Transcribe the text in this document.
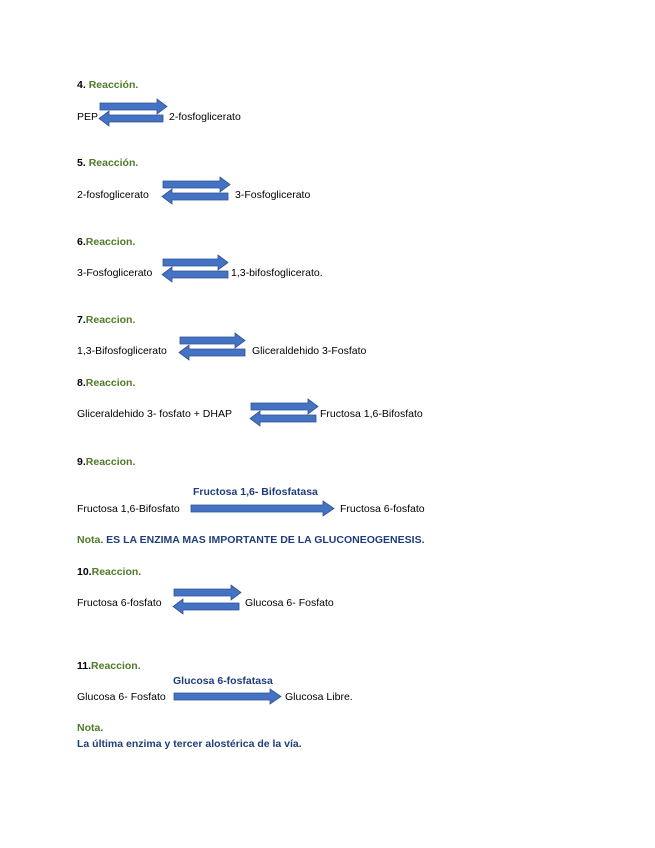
4. Reacción.
PEP	2-fosfoglicerato
5. Reacción.
2-fosfoglicerato	3-Fosfoglicerato
6.Reaccion.
3-Fosfoglicerato	1,3-bifosfoglicerato.
7.Reaccion.
1,3-Bifosfoglicerato	Gliceraldehido 3-Fosfato
8.Reaccion.
Gliceraldehido 3- fosfato + DHAP	Fructosa 1,6-Bifosfato
9.Reaccion.
Fructosa 1,6- Bifosfatasa
Fructosa 1,6-Bifosfato	Fructosa 6-fosfato
Nota. ES LA ENZIMA MAS IMPORTANTE DE LA GLUCONEOGENESIS.
10.Reaccion.
Fructosa 6-fosfato	Glucosa 6- Fosfato
11.Reaccion.
Glucosa 6-fosfatasa
Glucosa 6- Fosfato	Glucosa Libre.
Nota.
La última enzima y tercer alostérica de la vía.
